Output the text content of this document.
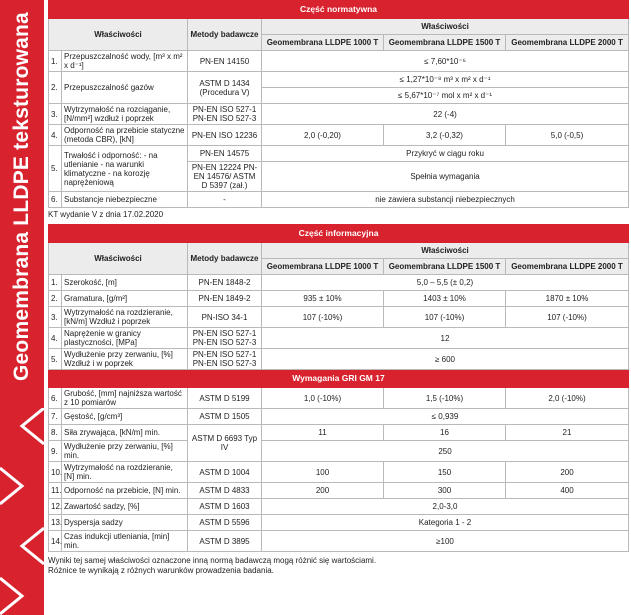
Geomembrana LLDPE teksturowana
Część normatywna					
Właściwości		Metody badawcze	Właściwości		
			Geomembrana LLDPE 1000 T	Geomembrana LLDPE 1500 T	Geomembrana LLDPE 2000 T
1.	Przepuszczalność wody, [m³ x m² x d⁻¹]	PN-EN 14150	≤ 7,60*10⁻⁶		
2.	Przepuszczalność gazów	ASTM D 1434 (Procedura V)	≤ 1,27*10⁻⁸ m³ x m² x d⁻¹		
			≤ 5,67*10⁻⁷ mol x m² x d⁻¹		
3.	Wytrzymałość na rozciąganie, [N/mm²] wzdłuż i poprzek	PN-EN ISO 527-1 PN-EN ISO 527-3	22 (-4)		
4.	Odporność na przebicie statyczne (metoda CBR), [kN]	PN-EN ISO 12236	2,0 (-0,20)	3,2 (-0,32)	5,0 (-0,5)
5.	Trwałość i odporność: - na utlenianie - na warunki klimatyczne - na korozję naprężeniową	PN-EN 14575	Przykryć w ciągu roku		
		PN-EN 12224 PN-EN 14576/ ASTM D 5397 (zał.)	Spełnia wymagania		
6.	Substancje niebezpieczne	-	nie zawiera substancji niebezpiecznych		
KT wydanie V z dnia 17.02.2020
Część informacyjna					
Właściwości		Metody badawcze	Właściwości		
			Geomembrana LLDPE 1000 T	Geomembrana LLDPE 1500 T	Geomembrana LLDPE 2000 T
1.	Szerokość, [m]	PN-EN 1848-2	5,0 – 5,5 (± 0,2)		
2.	Gramatura, [g/m²]	PN-EN 1849-2	935 ± 10%	1403 ± 10%	1870 ± 10%
3.	Wytrzymałość na rozdzieranie, [kN/m] Wzdłuż i poprzek	PN-ISO 34-1	107 (-10%)	107 (-10%)	107 (-10%)
4.	Naprężenie w granicy plastyczności, [MPa]	PN-EN ISO 527-1 PN-EN ISO 527-3	12		
5.	Wydłużenie przy zerwaniu, [%] Wzdłuż i w poprzek	PN-EN ISO 527-1 PN-EN ISO 527-3	≥ 600		
Wymagania GRI GM 17					
6.	Grubość, [mm] najniższa wartość z 10 pomiarów	ASTM D 5199	1,0 (-10%)	1,5 (-10%)	2,0 (-10%)
7.	Gęstość, [g/cm³]	ASTM D 1505	≤ 0,939		
8.	Siła zrywająca, [kN/m] min.	ASTM D 6693 Typ IV	11	16	21
9.	Wydłużenie przy zerwaniu, [%] min.		250		
10.	Wytrzymałość na rozdzieranie, [N] min.	ASTM D 1004	100	150	200
11.	Odporność na przebicie, [N] min.	ASTM D 4833	200	300	400
12.	Zawartość sadzy, [%]	ASTM D 1603	2,0-3,0		
13.	Dyspersja sadzy	ASTM D 5596	Kategoria 1 - 2		
14.	Czas indukcji utleniania, [min] min.	ASTM D 3895	≥100		
Wyniki tej samej właściwości oznaczone inną normą badawczą mogą różnić się wartościami.
Różnice te wynikają z różnych warunków prowadzenia badania.
